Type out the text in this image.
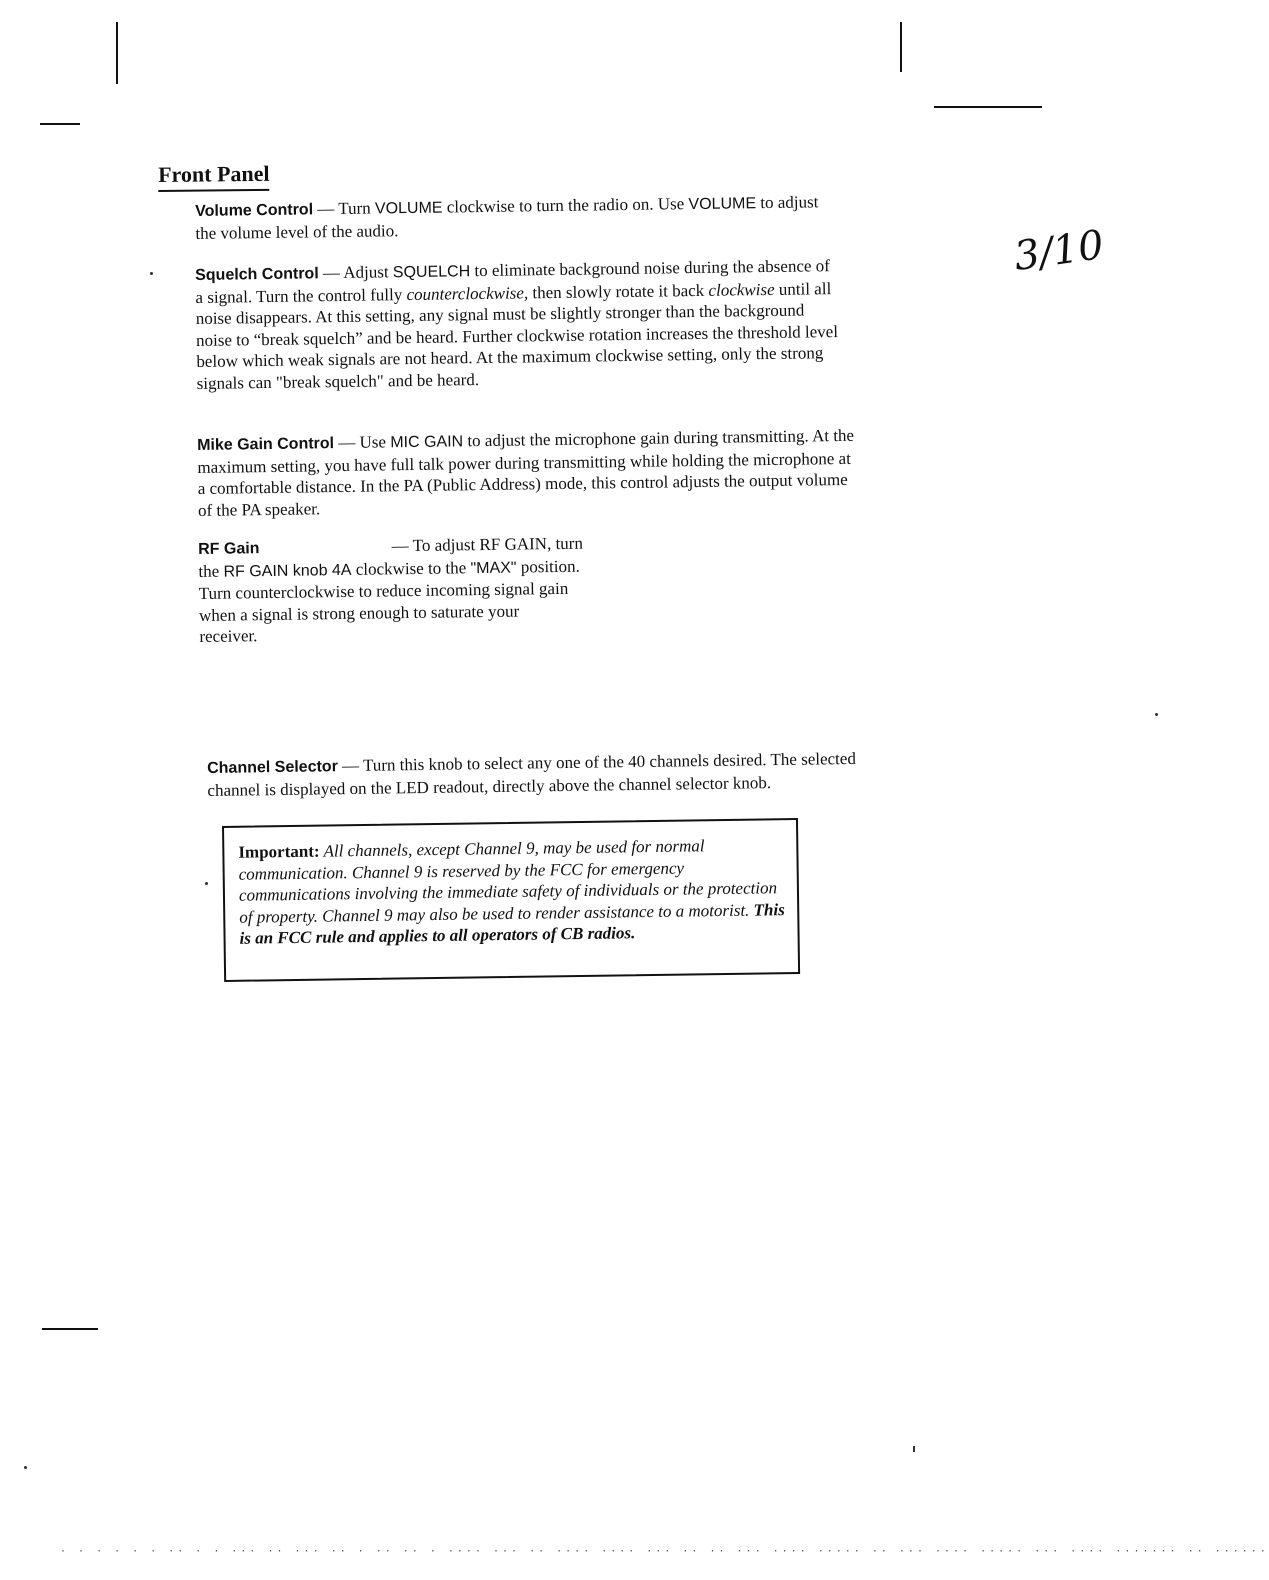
Front Panel
3/10
Volume Control — Turn VOLUME clockwise to turn the radio on. Use VOLUME to adjust the volume level of the audio.
Squelch Control — Adjust SQUELCH to eliminate background noise during the absence of a signal. Turn the control fully counterclockwise, then slowly rotate it back clockwise until all noise disappears. At this setting, any signal must be slightly stronger than the background noise to “break squelch” and be heard. Further clockwise rotation increases the threshold level below which weak signals are not heard. At the maximum clockwise setting, only the strong signals can "break squelch" and be heard.
Mike Gain Control — Use MIC GAIN to adjust the microphone gain during transmitting. At the maximum setting, you have full talk power during transmitting while holding the microphone at a comfortable distance. In the PA (Public Address) mode, this control adjusts the output volume of the PA speaker.
RF Gain	— To adjust RF GAIN, turn
the RF GAIN knob 4A clockwise to the "MAX" position.
Turn counterclockwise to reduce incoming signal gain
when a signal is strong enough to saturate your
receiver.
Channel Selector — Turn this knob to select any one of the 40 channels desired. The selected channel is displayed on the LED readout, directly above the channel selector knob.
Important: All channels, except Channel 9, may be used for normal communication. Channel 9 is reserved by the FCC for emergency communications involving the immediate safety of individuals or the protection of property. Channel 9 may also be used to render assistance to a motorist. This is an FCC rule and applies to all operators of CB radios.
· · · · · · ·· · · ··· ·· ··· ·· · ·· ·· · ···· ··· ·· ···· ···· ··· ·· ·· ··· ···· ····· ·· ··· ···· ····· ··· ···· ······· ·· ······
